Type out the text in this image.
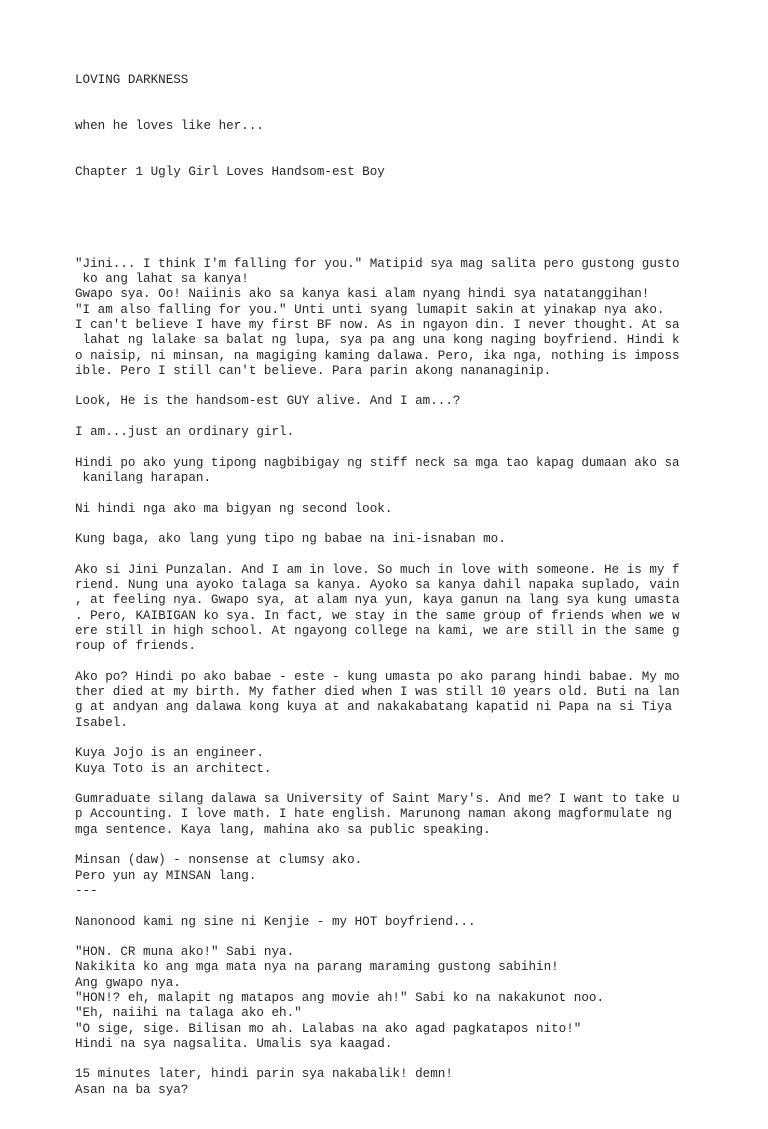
LOVING DARKNESS

when he loves like her...

Chapter 1 Ugly Girl Loves Handsom-est Boy

"Jini... I think I'm falling for you." Matipid sya mag salita pero gustong gusto
ko ang lahat sa kanya!
Gwapo sya. Oo! Naiinis ako sa kanya kasi alam nyang hindi sya natatanggihan!
"I am also falling for you." Unti unti syang lumapit sakin at yinakap nya ako.
I can't believe I have my first BF now. As in ngayon din. I never thought. At sa
lahat ng lalake sa balat ng lupa, sya pa ang una kong naging boyfriend. Hindi k
o naisip, ni minsan, na magiging kaming dalawa. Pero, ika nga, nothing is imposs
ible. Pero I still can't believe. Para parin akong nananaginip.
Look, He is the handsom-est GUY alive. And I am...?
I am...just an ordinary girl.
Hindi po ako yung tipong nagbibigay ng stiff neck sa mga tao kapag dumaan ako sa
kanilang harapan.
Ni hindi nga ako ma bigyan ng second look.
Kung baga, ako lang yung tipo ng babae na ini-isnaban mo.
Ako si Jini Punzalan. And I am in love. So much in love with someone. He is my f
riend. Nung una ayoko talaga sa kanya. Ayoko sa kanya dahil napaka suplado, vain
, at feeling nya. Gwapo sya, at alam nya yun, kaya ganun na lang sya kung umasta
. Pero, KAIBIGAN ko sya. In fact, we stay in the same group of friends when we w
ere still in high school. At ngayong college na kami, we are still in the same g
roup of friends.
Ako po? Hindi po ako babae - este - kung umasta po ako parang hindi babae. My mo
ther died at my birth. My father died when I was still 10 years old. Buti na lan
g at andyan ang dalawa kong kuya at and nakakabatang kapatid ni Papa na si Tiya
Isabel.
Kuya Jojo is an engineer.
Kuya Toto is an architect.
Gumraduate silang dalawa sa University of Saint Mary's. And me? I want to take u
p Accounting. I love math. I hate english. Marunong naman akong magformulate ng
mga sentence. Kaya lang, mahina ako sa public speaking.
Minsan (daw) - nonsense at clumsy ako.
Pero yun ay MINSAN lang.
---
Nanonood kami ng sine ni Kenjie - my HOT boyfriend...
"HON. CR muna ako!" Sabi nya.
Nakikita ko ang mga mata nya na parang maraming gustong sabihin!
Ang gwapo nya.
"HON!? eh, malapit ng matapos ang movie ah!" Sabi ko na nakakunot noo.
"Eh, naiihi na talaga ako eh."
"O sige, sige. Bilisan mo ah. Lalabas na ako agad pagkatapos nito!"
Hindi na sya nagsalita. Umalis sya kaagad.
15 minutes later, hindi parin sya nakabalik! demn!
Asan na ba sya?
